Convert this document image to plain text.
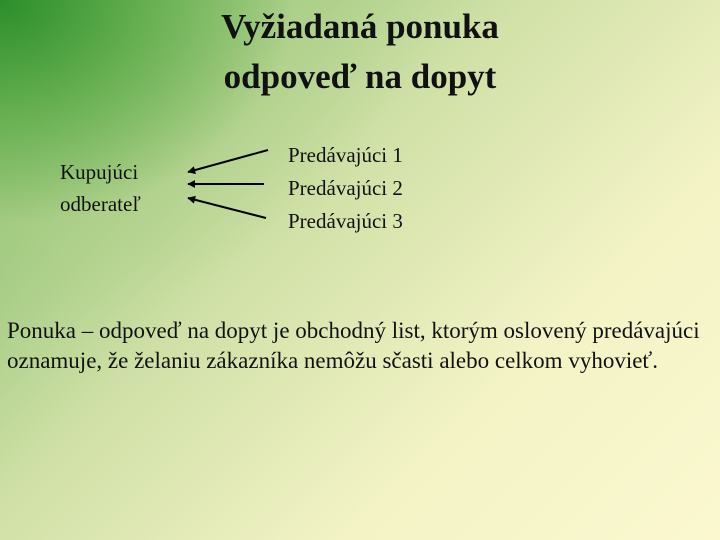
Vyžiadaná ponuka
odpoveď na dopyt
Kupujúci
odberateľ
Predávajúci 1
Predávajúci 2
Predávajúci 3
Ponuka – odpoveď na dopyt je obchodný list, ktorým oslovený predávajúci oznamuje, že želaniu zákazníka nemôžu sčasti alebo celkom vyhovieť.
